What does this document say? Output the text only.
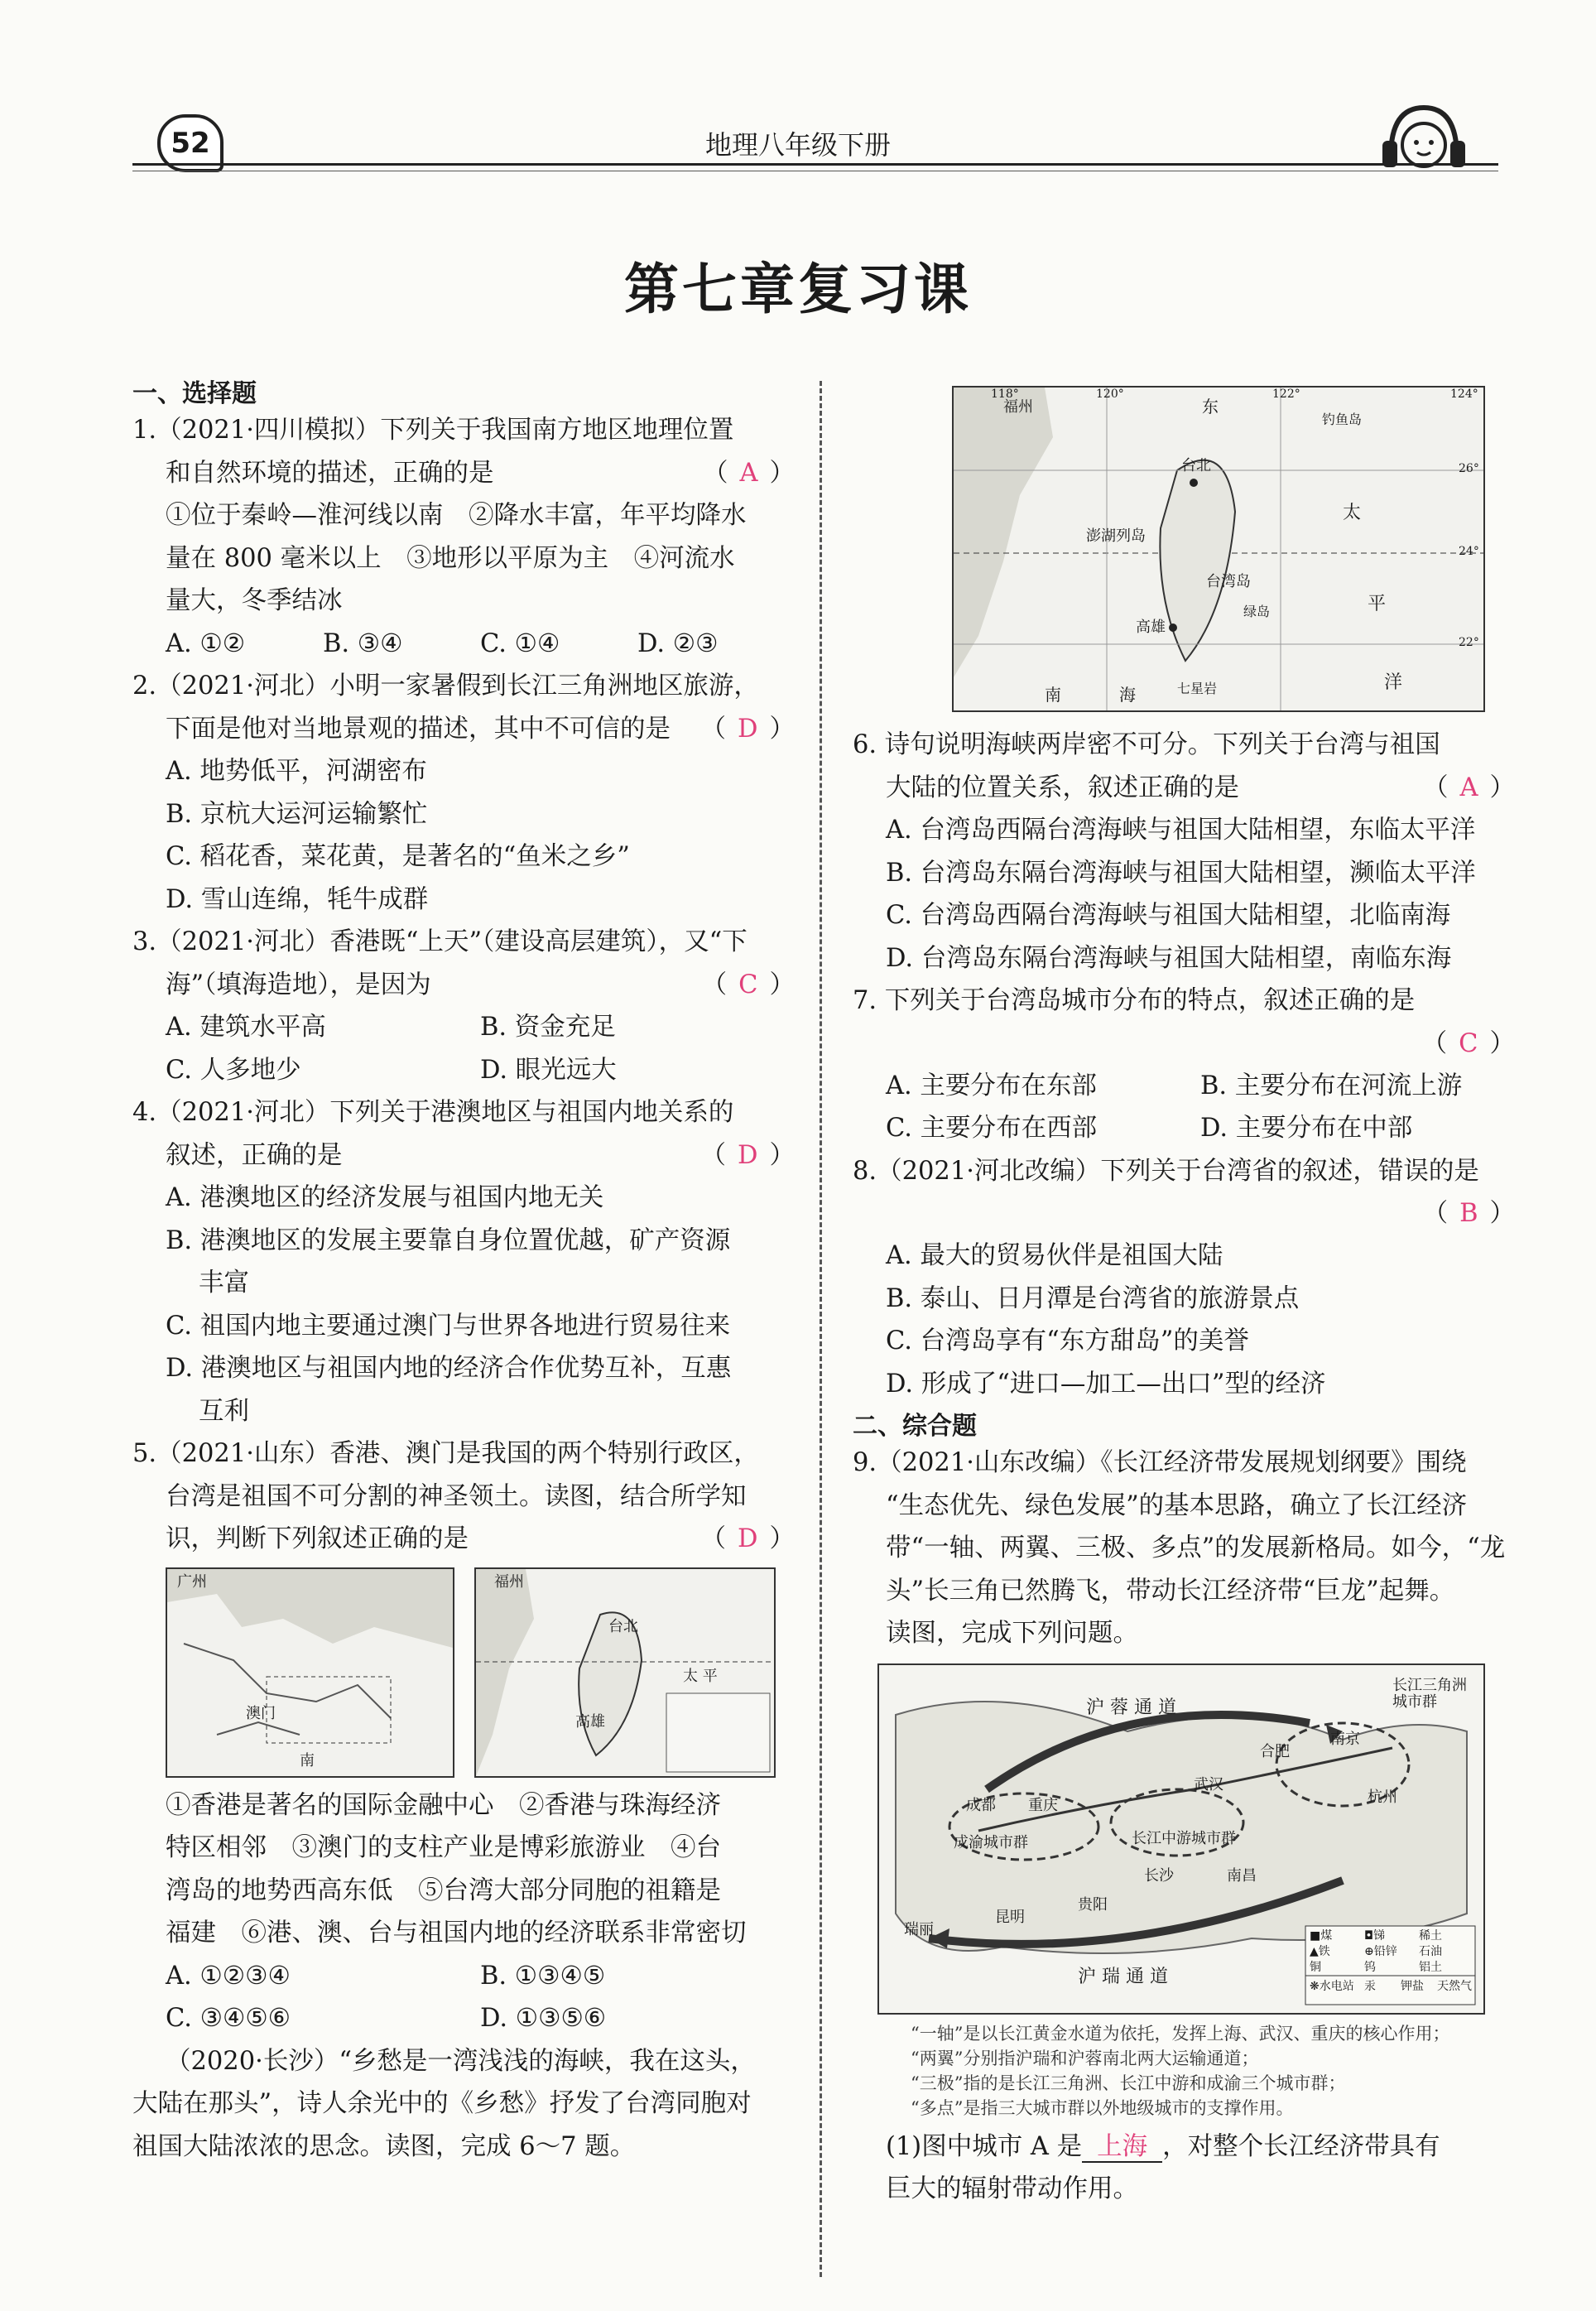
52	地理八年级下册
第七章复习课
一、选择题
1.（2021·四川模拟）下列关于我国南方地区地理位置
和自然环境的描述，正确的是	（ A ）
①位于秦岭—淮河线以南　②降水丰富，年平均降水
量在 800 毫米以上　③地形以平原为主　④河流水
量大，冬季结冰
A. ①②	B. ③④	C. ①④	D. ②③
2.（2021·河北）小明一家暑假到长江三角洲地区旅游，
下面是他对当地景观的描述，其中不可信的是 （ D ）
A. 地势低平，河湖密布
B. 京杭大运河运输繁忙
C. 稻花香，菜花黄，是著名的“鱼米之乡”
D. 雪山连绵，牦牛成群
3.（2021·河北）香港既“上天”（建设高层建筑），又“下
海”（填海造地），是因为	（ C ）
A. 建筑水平高	B. 资金充足
C. 人多地少	D. 眼光远大
4.（2021·河北）下列关于港澳地区与祖国内地关系的
叙述，正确的是	（ D ）
A. 港澳地区的经济发展与祖国内地无关
B. 港澳地区的发展主要靠自身位置优越，矿产资源
丰富
C. 祖国内地主要通过澳门与世界各地进行贸易往来
D. 港澳地区与祖国内地的经济合作优势互补，互惠
互利
5.（2021·山东）香港、澳门是我国的两个特别行政区，
台湾是祖国不可分割的神圣领土。读图，结合所学知
识，判断下列叙述正确的是	（ D ）
广州
澳门
南
福州
台北
高雄
太 平
①香港是著名的国际金融中心　②香港与珠海经济
特区相邻　③澳门的支柱产业是博彩旅游业　④台
湾岛的地势西高东低　⑤台湾大部分同胞的祖籍是
福建　⑥港、澳、台与祖国内地的经济联系非常密切
A. ①②③④	B. ①③④⑤
C. ③④⑤⑥	D. ①③⑤⑥
（2020·长沙）“乡愁是一湾浅浅的海峡，我在这头，
大陆在那头”，诗人余光中的《乡愁》抒发了台湾同胞对
祖国大陆浓浓的思念。读图，完成 6～7 题。
福州
台北
澎湖列岛
台湾岛
高雄
绿岛
钓鱼岛
东
南	海
太
平
洋
七星岩
118°	120°	122°	124°
26°
24°
22°
6. 诗句说明海峡两岸密不可分。下列关于台湾与祖国
大陆的位置关系，叙述正确的是	（ A ）
A. 台湾岛西隔台湾海峡与祖国大陆相望，东临太平洋
B. 台湾岛东隔台湾海峡与祖国大陆相望，濒临太平洋
C. 台湾岛西隔台湾海峡与祖国大陆相望，北临南海
D. 台湾岛东隔台湾海峡与祖国大陆相望，南临东海
7. 下列关于台湾岛城市分布的特点，叙述正确的是
（ C ）
A. 主要分布在东部	B. 主要分布在河流上游
C. 主要分布在西部	D. 主要分布在中部
8.（2021·河北改编）下列关于台湾省的叙述，错误的是
（ B ）
A. 最大的贸易伙伴是祖国大陆
B. 泰山、日月潭是台湾省的旅游景点
C. 台湾岛享有“东方甜岛”的美誉
D. 形成了“进口—加工—出口”型的经济
二、综合题
9.（2021·山东改编）《长江经济带发展规划纲要》围绕
“生态优先、绿色发展”的基本思路，确立了长江经济
带“一轴、两翼、三极、多点”的发展新格局。如今，“龙
头”长三角已然腾飞，带动长江经济带“巨龙”起舞。
读图，完成下列问题。
长江三角洲城市群
沪 蓉 通 道
成都 重庆
武汉
合肥
南京
杭州
长江中游城市群
长沙	南昌
成渝城市群
贵阳
昆明
瑞丽
沪 瑞 通 道
■煤	◘锑	稀土
▲铁	⊕铅锌	石油
铜	钨	铝土
❋水电站 汞	钾盐	天然气
“一轴”是以长江黄金水道为依托，发挥上海、武汉、重庆的核心作用；
“两翼”分别指沪瑞和沪蓉南北两大运输通道；
“三极”指的是长江三角洲、长江中游和成渝三个城市群；
“多点”是指三大城市群以外地级城市的支撑作用。
(1)图中城市 A 是 上海 ，对整个长江经济带具有
巨大的辐射带动作用。
